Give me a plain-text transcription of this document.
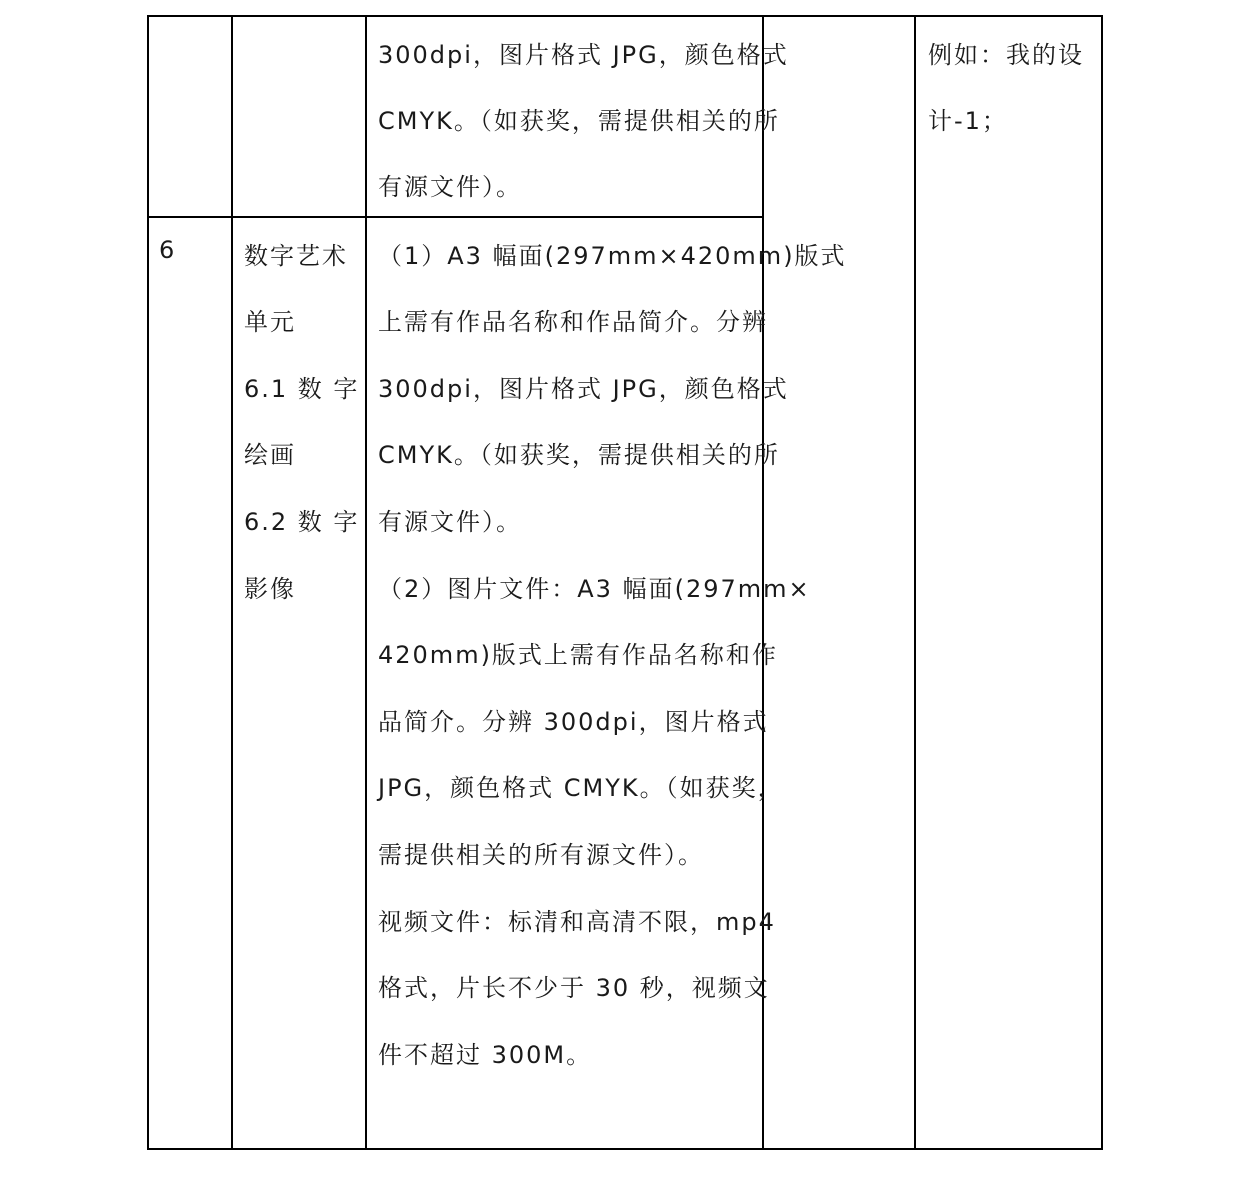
300dpi，图片格式 JPG，颜色格式
CMYK。（如获奖，需提供相关的所
有源文件）。
例如：我的设
计-1；
6	数字艺术
单元
6.1 数 字
绘画
6.2 数 字
影像
（1）A3 幅面(297mm×420mm)版式
上需有作品名称和作品简介。分辨
300dpi，图片格式 JPG，颜色格式
CMYK。（如获奖，需提供相关的所
有源文件）。
（2）图片文件：A3 幅面(297mm×
420mm)版式上需有作品名称和作
品简介。分辨 300dpi，图片格式
JPG，颜色格式 CMYK。（如获奖，
需提供相关的所有源文件）。
视频文件：标清和高清不限，mp4
格式，片长不少于 30 秒，视频文
件不超过 300M。
